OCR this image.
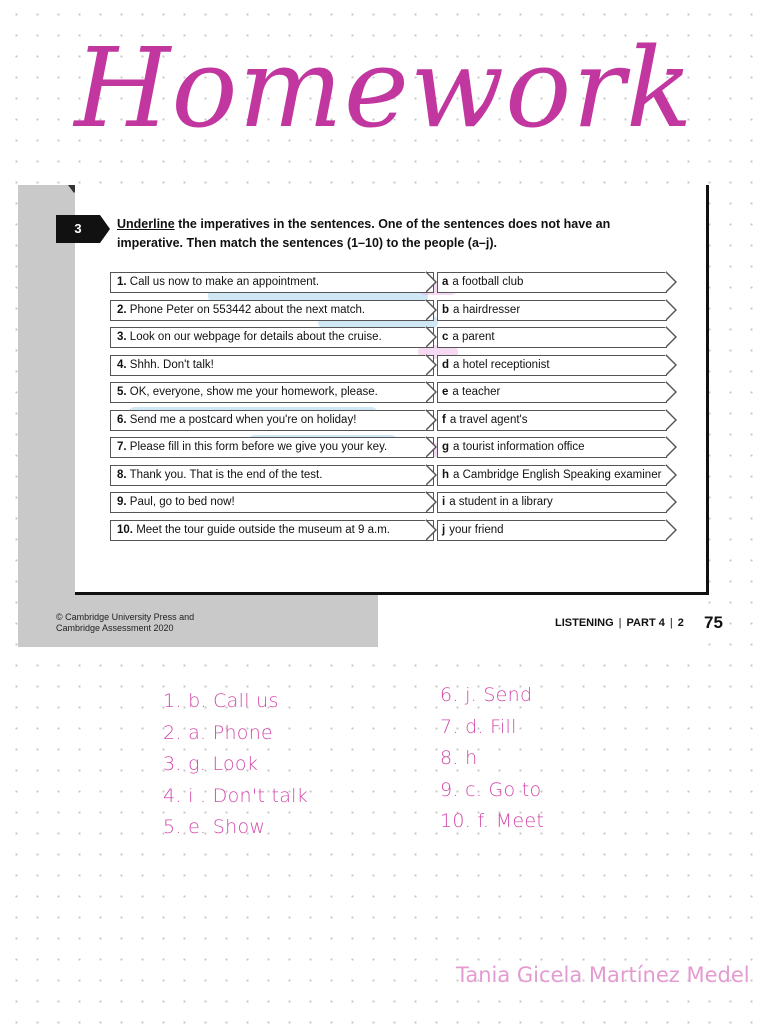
Homework
3	Underline the imperatives in the sentences. One of the sentences does not have an imperative. Then match the sentences (1–10) to the people (a–j).
1. Call us now to make an appointment.	a a football club
2. Phone Peter on 553442 about the next match.	b a hairdresser
3. Look on our webpage for details about the cruise.	c a parent
4. Shhh. Don't talk!	d a hotel receptionist
5. OK, everyone, show me your homework, please.	e a teacher
6. Send me a postcard when you're on holiday!	f a travel agent's
7. Please fill in this form before we give you your key.	g a tourist information office
8. Thank you. That is the end of the test.	h a Cambridge English Speaking examiner
9. Paul, go to bed now!	i a student in a library
10. Meet the tour guide outside the museum at 9 a.m.	j your friend
© Cambridge University Press and
Cambridge Assessment 2020	LISTENING | PART 4 | 2 75
1. b. Call us
2. a. Phone
3. g. Look
4. i . Don't talk
5. e. Show
6. j. Send
7. d. Fill
8. h
9. c. Go to
10. f. Meet
Tania Gicela Martínez Medel
